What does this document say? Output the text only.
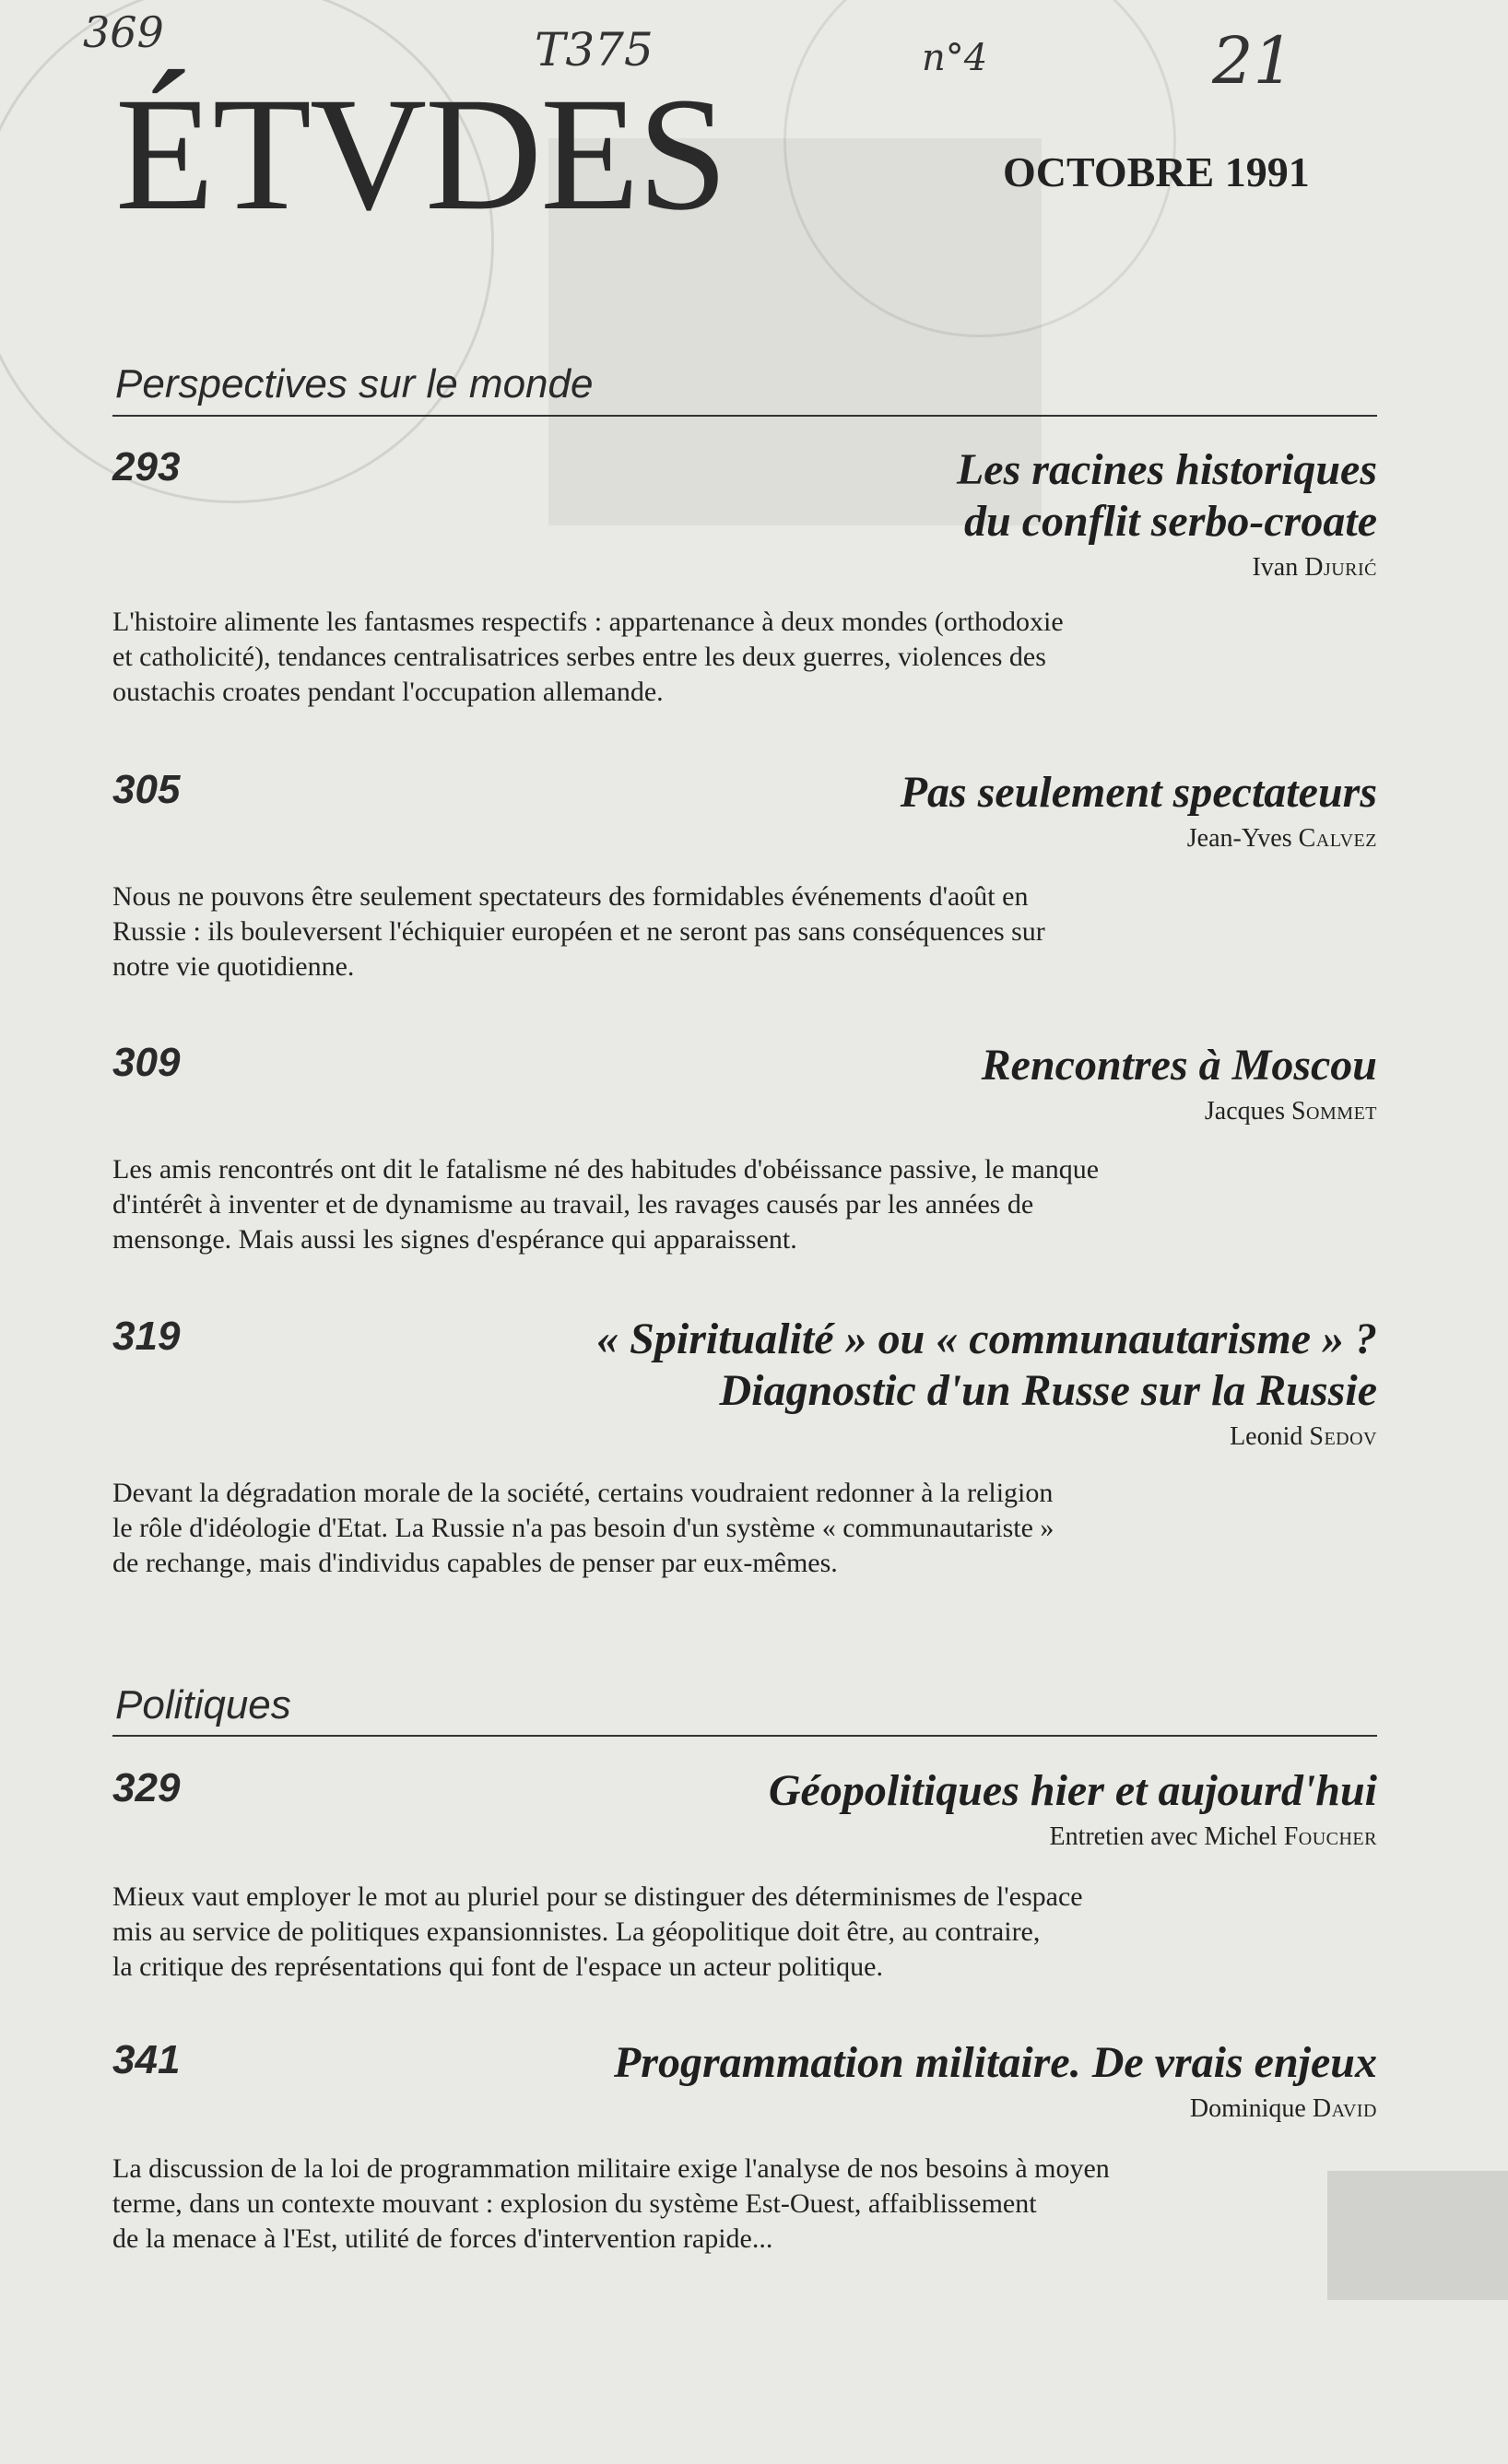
369	T375	n°4	21
ÉTVDES	OCTOBRE 1991
Perspectives sur le monde
293	Les racines historiques
du conflit serbo-croate
Ivan Djurić
L'histoire alimente les fantasmes respectifs : appartenance à deux mondes (orthodoxie
et catholicité), tendances centralisatrices serbes entre les deux guerres, violences des
oustachis croates pendant l'occupation allemande.
305	Pas seulement spectateurs
Jean-Yves Calvez
Nous ne pouvons être seulement spectateurs des formidables événements d'août en
Russie : ils bouleversent l'échiquier européen et ne seront pas sans conséquences sur
notre vie quotidienne.
309	Rencontres à Moscou
Jacques Sommet
Les amis rencontrés ont dit le fatalisme né des habitudes d'obéissance passive, le manque
d'intérêt à inventer et de dynamisme au travail, les ravages causés par les années de
mensonge. Mais aussi les signes d'espérance qui apparaissent.
319	« Spiritualité » ou « communautarisme » ?
Diagnostic d'un Russe sur la Russie
Leonid Sedov
Devant la dégradation morale de la société, certains voudraient redonner à la religion
le rôle d'idéologie d'Etat. La Russie n'a pas besoin d'un système « communautariste »
de rechange, mais d'individus capables de penser par eux-mêmes.
Politiques
329	Géopolitiques hier et aujourd'hui
Entretien avec Michel Foucher
Mieux vaut employer le mot au pluriel pour se distinguer des déterminismes de l'espace
mis au service de politiques expansionnistes. La géopolitique doit être, au contraire,
la critique des représentations qui font de l'espace un acteur politique.
341	Programmation militaire. De vrais enjeux
Dominique David
La discussion de la loi de programmation militaire exige l'analyse de nos besoins à moyen
terme, dans un contexte mouvant : explosion du système Est-Ouest, affaiblissement
de la menace à l'Est, utilité de forces d'intervention rapide...
